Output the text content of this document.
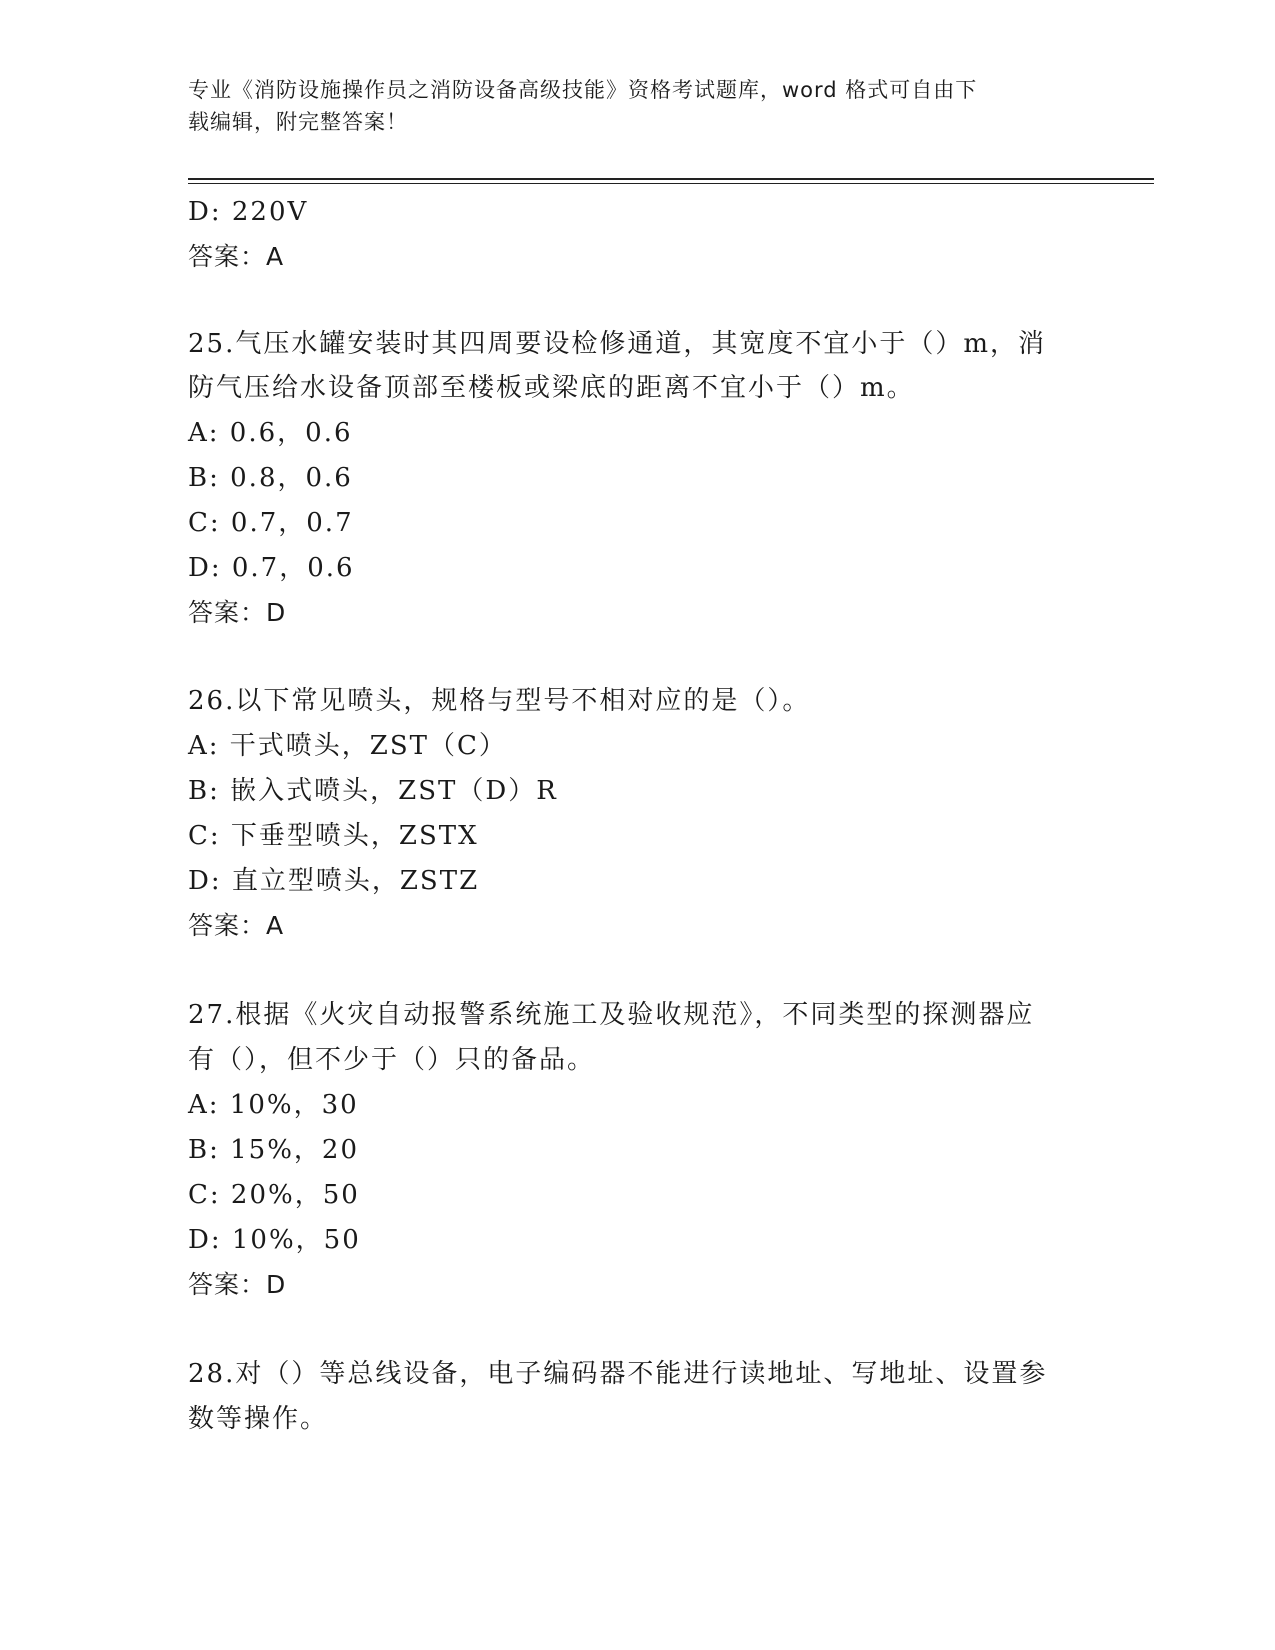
专业《消防设施操作员之消防设备高级技能》资格考试题库，word 格式可自由下
载编辑，附完整答案！
D: 220V
答案：A
25.气压水罐安装时其四周要设检修通道，其宽度不宜小于（）m，消
防气压给水设备顶部至楼板或梁底的距离不宜小于（）m。
A: 0.6，0.6
B: 0.8，0.6
C: 0.7，0.7
D: 0.7，0.6
答案：D
26.以下常见喷头，规格与型号不相对应的是（）。
A: 干式喷头，ZST（C）
B: 嵌入式喷头，ZST（D）R
C: 下垂型喷头，ZSTX
D: 直立型喷头，ZSTZ
答案：A
27.根据《火灾自动报警系统施工及验收规范》，不同类型的探测器应
有（），但不少于（）只的备品。
A: 10%，30
B: 15%，20
C: 20%，50
D: 10%，50
答案：D
28.对（）等总线设备，电子编码器不能进行读地址、写地址、设置参
数等操作。
